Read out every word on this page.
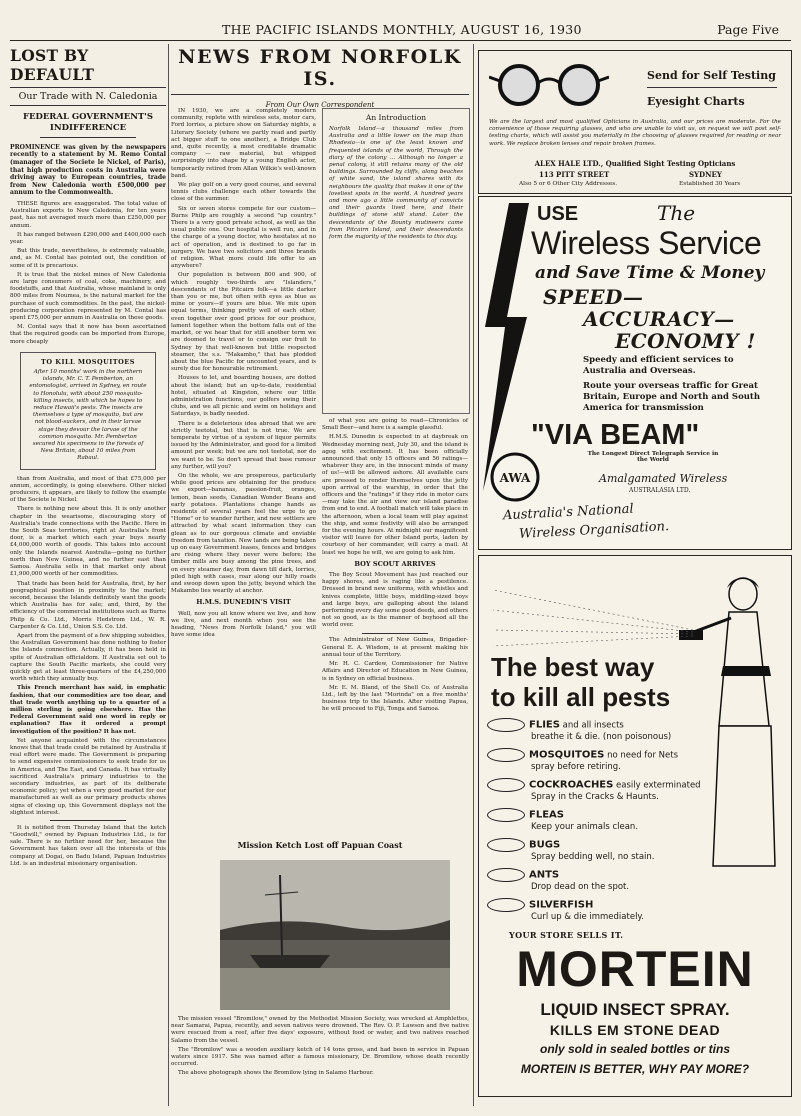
THE PACIFIC ISLANDS MONTHLY, AUGUST 16, 1930	Page Five
LOST BY DEFAULT
Our Trade with N. Caledonia
FEDERAL GOVERNMENT'S INDIFFERENCE
PROMINENCE was given by the newspapers recently to a statement by M. Remo Contal (manager of the Societe le Nickel, of Paris), that high production costs in Australia were driving away to European countries, trade from New Caledonia worth £500,000 per annum to the Commonwealth.

THESE figures are exaggerated. The total value of Australian exports to New Caledonia, for ten years past, has not averaged much more than £250,000 per annum.

It has ranged between £290,000 and £400,000 each year.

But this trade, nevertheless, is extremely valuable, and, as M. Contal has pointed out, the condition of some of it is precarious.

It is true that the nickel mines of New Caledonia are large consumers of coal, coke, machinery, and foodstuffs, and that Australia, whose mainland is only 800 miles from Noumea, is the natural market for the purchase of such commodities. In the past, the nickel-producing corporation represented by M. Contal has spent £75,000 per annum in Australia on these goods.

M. Contal says that it now has been ascertained that the required goods can be imported from Europe, more cheaply

TO KILL MOSQUITOES
After 10 months' work in the northern islands, Mr. C. T. Pemberton, an entomologist, arrived in Sydney, en route to Honolulu, with about 250 mosquito-killing insects, with which he hopes to reduce Hawaii's pests. The insects are themselves a type of mosquito, but are not blood-suckers, and in their larvae stage they devour the larvae of the common mosquito. Mr. Pemberton secured his specimens in the forests of New Britain, about 10 miles from Rabaul.

than from Australia, and most of that £75,000 per annum, accordingly, is going elsewhere. Other nickel producers, it appears, are likely to follow the example of the Societe le Nickel.

There is nothing new about this. It is only another chapter in the wearisome, discouraging story of Australia's trade connections with the Pacific. Here in the South Seas territories, right at Australia's front door, is a market which each year buys nearly £4,000,000 worth of goods. This takes into account only the Islands nearest Australia—going no further north than New Guinea, and no further east than Samoa. Australia sells in that market only about £1,900,000 worth of her commodities.

That trade has been held for Australia, first, by her geographical position in proximity to the market; second, because the Islands definitely want the goods which Australia has for sale; and, third, by the efficiency of the commercial institutions such as Burns Philp & Co. Ltd., Morris Hedstrom Ltd., W. R. Carpenter & Co. Ltd., Union S.S. Co. Ltd.

Apart from the payment of a few shipping subsidies, the Australian Government has done nothing to foster the Islands connection. Actually, it has been held in spite of Australian officialdom. If Australia set out to capture the South Pacific markets, she could very quickly get at least three-quarters of the £4,250,000 worth which they annually buy.

This French merchant has said, in emphatic fashion, that our commodities are too dear, and that trade worth anything up to a quarter of a million sterling is going elsewhere. Has the Federal Government said one word in reply or explanation? Has it ordered a prompt investigation of the position? It has not.

Yet anyone acquainted with the circumstances knows that that trade could be retained by Australia if real effort were made. The Government is preparing to send expensive commissioners to seek trade for us in America, and The East, and Canada. It has virtually sacrificed Australia's primary industries to the secondary industries, as part of its deliberate economic policy; yet when a very good market for our manufactured as well as our primary products shows signs of closing up, this Government displays not the slightest interest.

It is notified from Thursday Island that the ketch "Goodwill," owned by Papuan Industries Ltd., is for sale. There is no further need for her, because the Government has taken over all the interests of this company at Dogai, on Badu Island, Papuan Industries Ltd. is an industrial missionary organisation.

NEWS FROM NORFOLK IS.
From Our Own Correspondent

IN 1930, we are a completely modern community, replete with wireless sets, motor cars, Ford lorries, a picture show on Saturday nights, a Literary Society (where we partly read and partly act bigger stuff to one another), a Bridge Club and, quite recently, a most creditable dramatic company — raw material, but whipped surprisingly into shape by a young English actor, temporarily retired from Allan Wilkie's well-known band.

We play golf on a very good course, and several tennis clubs challenge each other towards the close of the summer.

Six or seven stores compete for our custom—Burns Philp are roughly a second "up country." There is a very good private school, as well as the usual public one. Our hospital is well run, and in the charge of a young doctor, who hesitates at no act of operation, and is destined to go far in surgery. We have two solicitors and three brands of religion. What more could life offer to an anywhere?

Our population is between 800 and 900, of which roughly two-thirds are "Islanders," descendants of the Pitcairn folk—a little darker than you or me, but often with eyes as blue as mine or yours—if yours are blue. We mix upon equal terms, thinking pretty well of each other, even together over good prices for our produce, lament together when the bottom falls out of the market, or we hear that for still another term we are doomed to travel or to consign our fruit to Sydney by that well-known but little respected steamer, the s.s. "Makambo," that has plodded about the blue Pacific for uncounted years, and is surely due for honourable retirement.

Houses to let, and boarding houses, are dotted about the island; but an up-to-date, residential hotel, situated at Kingston, where our little administration functions, our golfers swing their clubs, and we all picnic and swim on holidays and Saturdays, is badly needed.

There is a deleterious idea abroad that we are strictly teetotal, but that is not true. We are temperate by virtue of a system of liquor permits issued by the Administrator, and good for a limited amount per week; but we are not teetotal, nor do we want to be. So don't spread that base rumour any further, will you?

On the whole, we are prosperous, particularly while good prices are obtaining for the produce we export—bananas, passion-fruit, oranges, lemon, bean seeds, Canadian Wonder Beans and early potatoes. Plantations change hands as residents of several years feel the urge to go "Home" or to wander further, and new settlers are attracted by what scant information they can glean as to our gorgeous climate and enviable freedom from taxation. New lands are being taken up on easy Government leases, fences and bridges are rising where they never were before; the timber mills are busy among the pine trees, and on every steamer day, from dawn till dark, lorries, piled high with cases, roar along our hilly roads and swoop down upon the jetty, beyond which the Makambo lies wearily at anchor.

H.M.S. DUNEDIN'S VISIT

Well, now you all know where we live, and how we live, and next month when you see the heading, "News from Norfolk Island," you will have some idea

An Introduction
Norfolk Island—a thousand miles from Australia and a little lower on the map than Rhodesia—is one of the least known and frequented islands of the world, Through the diary of the colony ... Although no longer a penal colony, it still retains many of the old buildings. Surrounded by cliffs, along beaches of white sand, the island shares with its neighbours the quality that makes it one of the loveliest spots in the world. A hundred years and more ago a little community of convicts and their guards lived here, and their buildings of stone still stand. Later the descendants of the Bounty mutineers came from Pitcairn Island, and their descendants form the majority of the residents to this day.

of what you are going to read—Chronicles of Small Beer—and here is a sample glassful.

H.M.S. Dunedin is expected in at daybreak on Wednesday morning next, July 30, and the island is agog with excitement. It has been officially announced that only 15 officers and 56 ratings—whatever they are, in the innocent minds of many of us!—will be allowed ashore. All available cars are pressed to render themselves upon the jetty upon arrival of the warship, in order that the officers and the "ratings" if they ride in motor cars—may take the air and view our island paradise from end to end. A football match will take place in the afternoon, when a local team will play against the ship, and some festivity will also be arranged for the evening hours. At midnight our magnificent visitor will leave for other Island ports, laden by courtesy of her commander, will carry a mail. At least we hope he will, we are going to ask him.

BOY SCOUT ARRIVES

The Boy Scout Movement has just reached our happy shores, and is raging like a pestilence. Dressed in brand new uniforms, with whistles and knives complete, little boys, middling-sized boys and large boys, are galloping about the island performing every day some good deeds, and others not so good, as is the manner of boyhood all the world over.

The Administrator of New Guinea, Brigadier-General E. A. Wisdom, is at present making his annual tour of the Territory.

Mr. H. C. Cardew, Commissioner for Native Affairs and Director of Education in New Guinea, is in Sydney on official business.

Mr. E. M. Bland, of the Shell Co. of Australia Ltd., left by the last "Morinda" on a five months' business trip to the Islands. After visiting Papua, he will proceed to Fiji, Tonga and Samoa.

Mission Ketch Lost off Papuan Coast

The mission vessel "Bromilow," owned by the Methodist Mission Society, was wrecked at Amphlettes, near Samarai, Papua, recently, and seven natives were drowned. The Rev. O. P. Lawson and five native were rescued from a reef, after five days' exposure, without food or water, and two natives reached Salamo from the vessel.

The "Bromilow" was a wooden auxiliary ketch of 14 tons gross, and had been in service in Papuan waters since 1917. She was named after a famous missionary, Dr. Bromilow, whose death recently occurred.

The above photograph shows the Bromilow lying in Salamo Harbour.

Send for Self Testing
Eyesight Charts
We are the largest and most qualified Opticians in Australia, and our prices are moderate. For the convenience of those requiring glasses, and who are unable to visit us, on request we will post self-testing charts, which will assist you materially in the choosing of glasses required for reading or near work. We replace broken lenses and repair broken frames.
ALEX HALE LTD., Qualified Sight Testing Opticians
113 PITT STREET	SYDNEY
Also 5 or 6 Other City Addresses.	Established 30 Years
USE	The
Wireless Service
and Save Time & Money
SPEED—
ACCURACY—
ECONOMY !
Speedy and efficient services to Australia and Overseas.
Route your overseas traffic for Great Britain, Europe and North and South America for transmission
"VIA BEAM"
The Longest Direct Telegraph Service in the World
AWA	Amalgamated Wireless
AUSTRALASIA LTD.
Australia's National
Wireless Organisation.
The best way
to kill all pests
FLIES and all insects
breathe it & die. (non poisonous)
MOSQUITOES no need for Nets
spray before retiring.
COCKROACHES easily exterminated
Spray in the Cracks & Haunts.
FLEAS
Keep your animals clean.
BUGS
Spray bedding well, no stain.
ANTS
Drop dead on the spot.
SILVERFISH
Curl up & die immediately.
YOUR STORE SELLS IT.
MORTEIN
LIQUID INSECT SPRAY.
KILLS EM STONE DEAD
only sold in sealed bottles or tins
MORTEIN IS BETTER, WHY PAY MORE?
